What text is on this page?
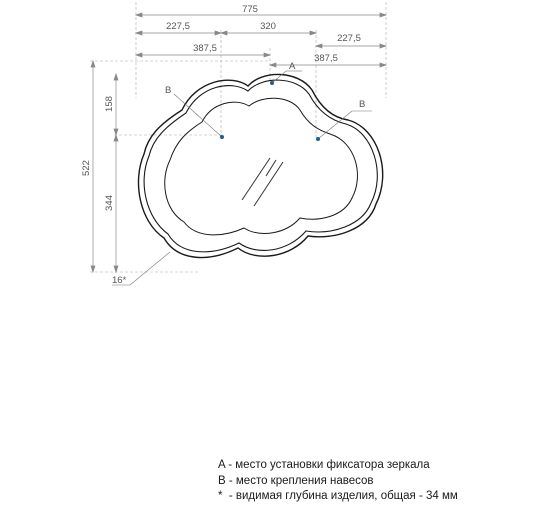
775
227,5	320
227,5
387,5
387,5
522
158
344
A
B
B
16*
A - место установки фиксатора зеркала
B - место крепления навесов
*  - видимая глубина изделия, общая - 34 мм
